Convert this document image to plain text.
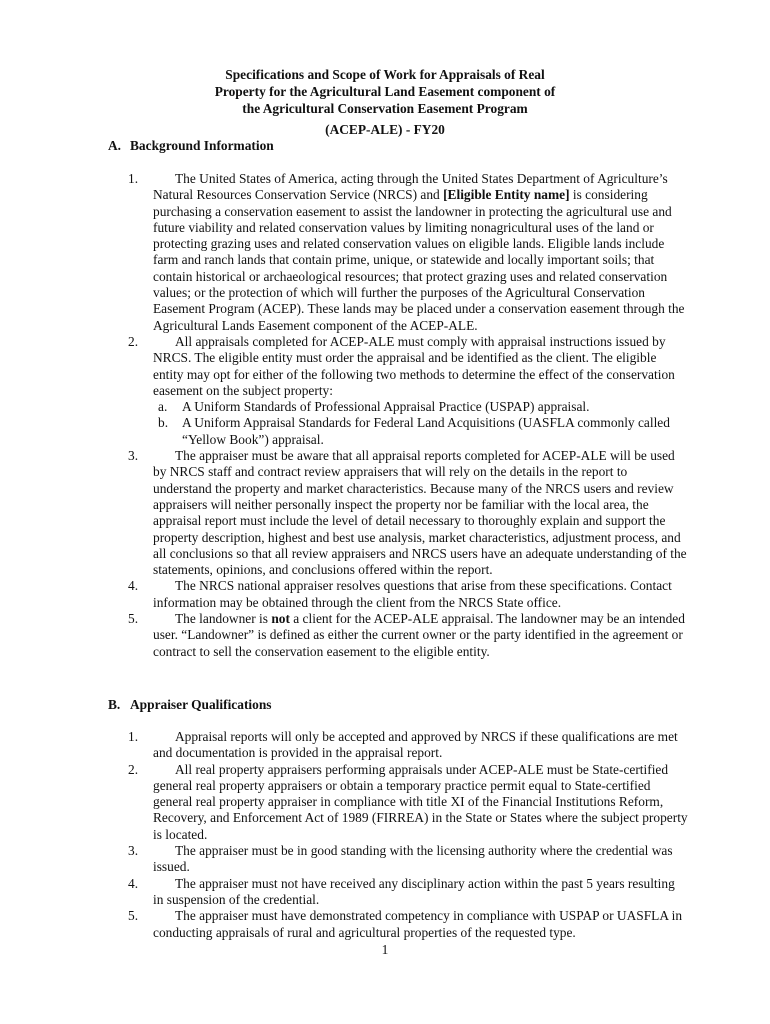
Specifications and Scope of Work for Appraisals of Real
Property for the Agricultural Land Easement component of
the Agricultural Conservation Easement Program
(ACEP-ALE) - FY20
A. Background Information
1.	The United States of America, acting through the United States Department of Agriculture’s Natural Resources Conservation Service (NRCS) and [Eligible Entity name] is considering purchasing a conservation easement to assist the landowner in protecting the agricultural use and future viability and related conservation values by limiting nonagricultural uses of the land or protecting grazing uses and related conservation values on eligible lands. Eligible lands include farm and ranch lands that contain prime, unique, or statewide and locally important soils; that contain historical or archaeological resources; that protect grazing uses and related conservation values; or the protection of which will further the purposes of the Agricultural Conservation Easement Program (ACEP). These lands may be placed under a conservation easement through the Agricultural Lands Easement component of the ACEP-ALE.
2.	All appraisals completed for ACEP-ALE must comply with appraisal instructions issued by NRCS. The eligible entity must order the appraisal and be identified as the client. The eligible entity may opt for either of the following two methods to determine the effect of the conservation easement on the subject property:
a. A Uniform Standards of Professional Appraisal Practice (USPAP) appraisal.
b. A Uniform Appraisal Standards for Federal Land Acquisitions (UASFLA commonly called “Yellow Book”) appraisal.
3.	The appraiser must be aware that all appraisal reports completed for ACEP-ALE will be used by NRCS staff and contract review appraisers that will rely on the details in the report to understand the property and market characteristics. Because many of the NRCS users and review appraisers will neither personally inspect the property nor be familiar with the local area, the appraisal report must include the level of detail necessary to thoroughly explain and support the property description, highest and best use analysis, market characteristics, adjustment process, and all conclusions so that all review appraisers and NRCS users have an adequate understanding of the statements, opinions, and conclusions offered within the report.
4.	The NRCS national appraiser resolves questions that arise from these specifications. Contact information may be obtained through the client from the NRCS State office.
5.	The landowner is not a client for the ACEP-ALE appraisal. The landowner may be an intended user. “Landowner” is defined as either the current owner or the party identified in the agreement or contract to sell the conservation easement to the eligible entity.
B. Appraiser Qualifications
1.	Appraisal reports will only be accepted and approved by NRCS if these qualifications are met and documentation is provided in the appraisal report.
2.	All real property appraisers performing appraisals under ACEP-ALE must be State-certified general real property appraisers or obtain a temporary practice permit equal to State-certified general real property appraiser in compliance with title XI of the Financial Institutions Reform, Recovery, and Enforcement Act of 1989 (FIRREA) in the State or States where the subject property is located.
3.	The appraiser must be in good standing with the licensing authority where the credential was issued.
4.	The appraiser must not have received any disciplinary action within the past 5 years resulting in suspension of the credential.
5.	The appraiser must have demonstrated competency in compliance with USPAP or UASFLA in conducting appraisals of rural and agricultural properties of the requested type.
1
